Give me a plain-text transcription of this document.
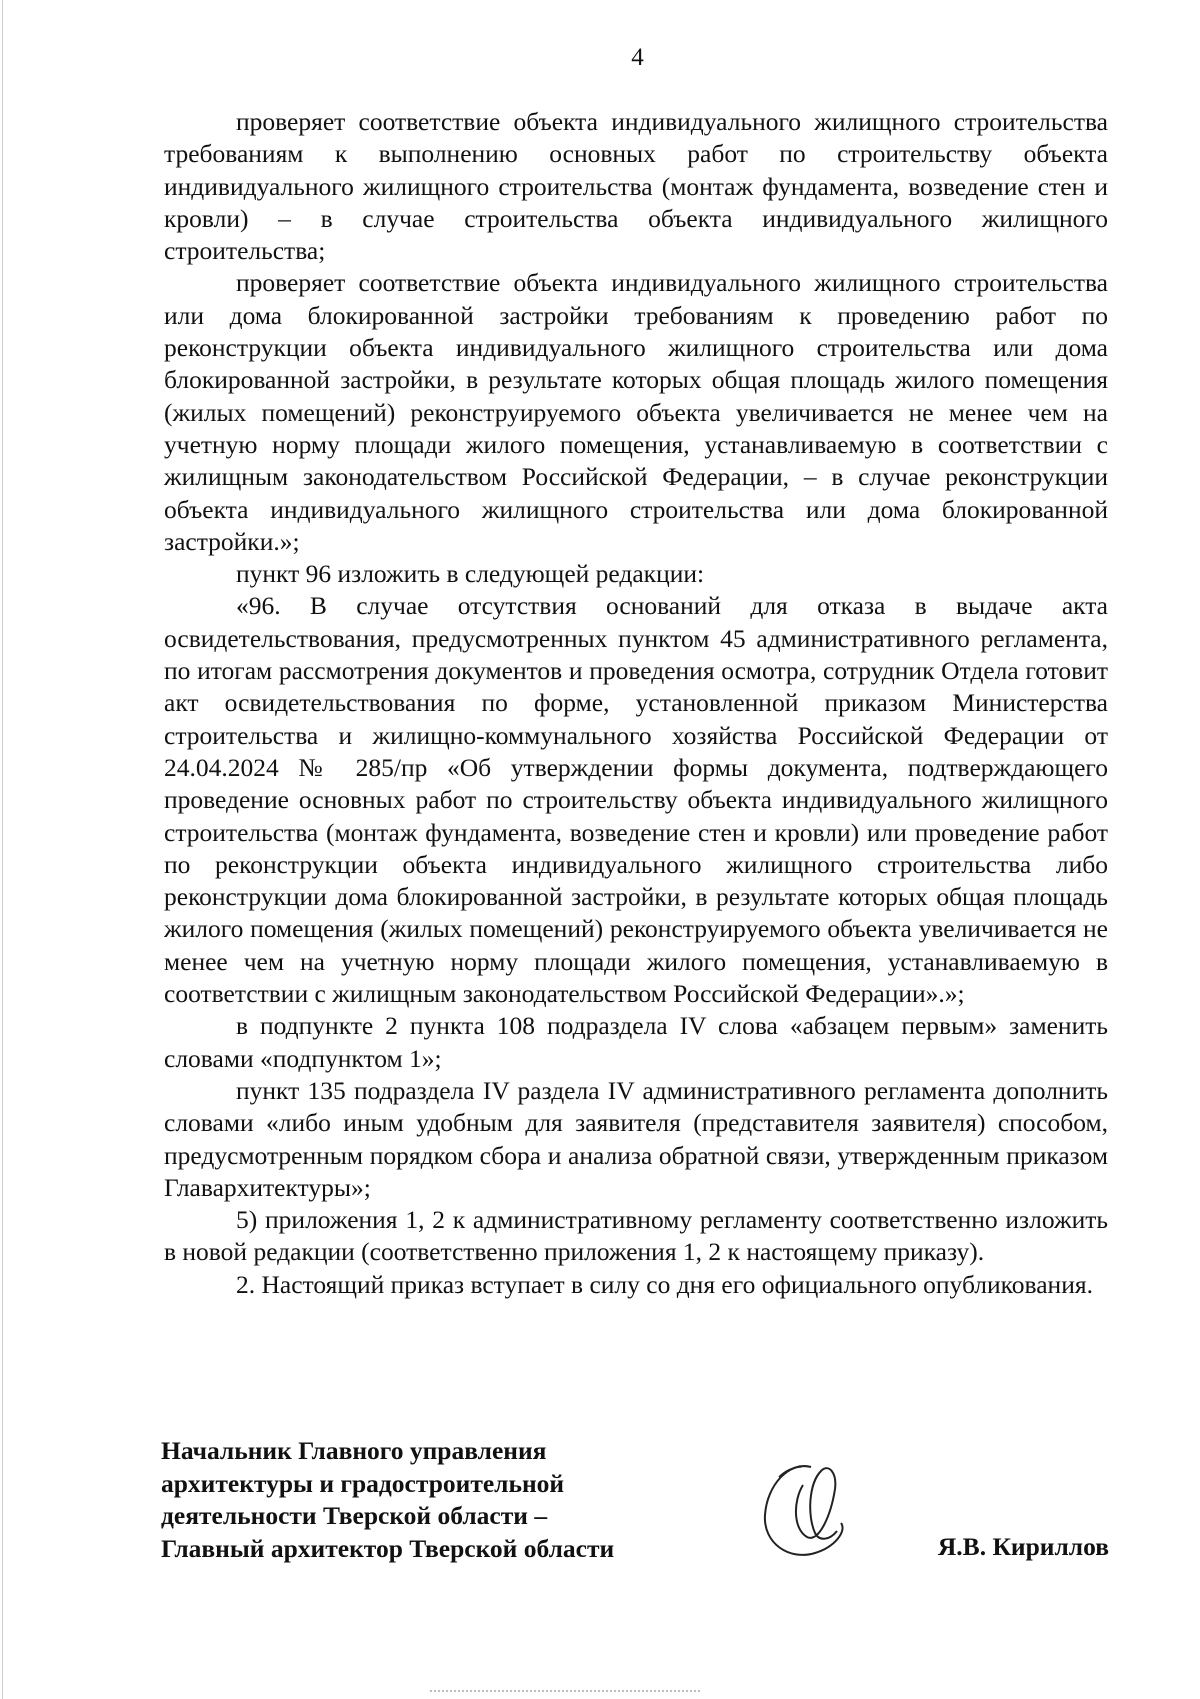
4

проверяет соответствие объекта индивидуального жилищного строительства требованиям к выполнению основных работ по строительству объекта индивидуального жилищного строительства (монтаж фундамента, возведение стен и кровли) – в случае строительства объекта индивидуального жилищного строительства;

проверяет соответствие объекта индивидуального жилищного строительства или дома блокированной застройки требованиям к проведению работ по реконструкции объекта индивидуального жилищного строительства или дома блокированной застройки, в результате которых общая площадь жилого помещения (жилых помещений) реконструируемого объекта увеличивается не менее чем на учетную норму площади жилого помещения, устанавливаемую в соответствии с жилищным законодательством Российской Федерации, – в случае реконструкции объекта индивидуального жилищного строительства или дома блокированной застройки.»;

пункт 96 изложить в следующей редакции:

«96. В случае отсутствия оснований для отказа в выдаче акта освидетельствования, предусмотренных пунктом 45 административного регламента, по итогам рассмотрения документов и проведения осмотра, сотрудник Отдела готовит акт освидетельствования по форме, установленной приказом Министерства строительства и жилищно-коммунального хозяйства Российской Федерации от 24.04.2024 № 285/пр «Об утверждении формы документа, подтверждающего проведение основных работ по строительству объекта индивидуального жилищного строительства (монтаж фундамента, возведение стен и кровли) или проведение работ по реконструкции объекта индивидуального жилищного строительства либо реконструкции дома блокированной застройки, в результате которых общая площадь жилого помещения (жилых помещений) реконструируемого объекта увеличивается не менее чем на учетную норму площади жилого помещения, устанавливаемую в соответствии с жилищным законодательством Российской Федерации».»;

в подпункте 2 пункта 108 подраздела IV слова «абзацем первым» заменить словами «подпунктом 1»;

пункт 135 подраздела IV раздела IV административного регламента дополнить словами «либо иным удобным для заявителя (представителя заявителя) способом, предусмотренным порядком сбора и анализа обратной связи, утвержденным приказом Главархитектуры»;

5) приложения 1, 2 к административному регламенту соответственно изложить в новой редакции (соответственно приложения 1, 2 к настоящему приказу).

2. Настоящий приказ вступает в силу со дня его официального опубликования.

Начальник Главного управления
архитектуры и градостроительной
деятельности Тверской области –
Главный архитектор Тверской области	Я.В. Кириллов
